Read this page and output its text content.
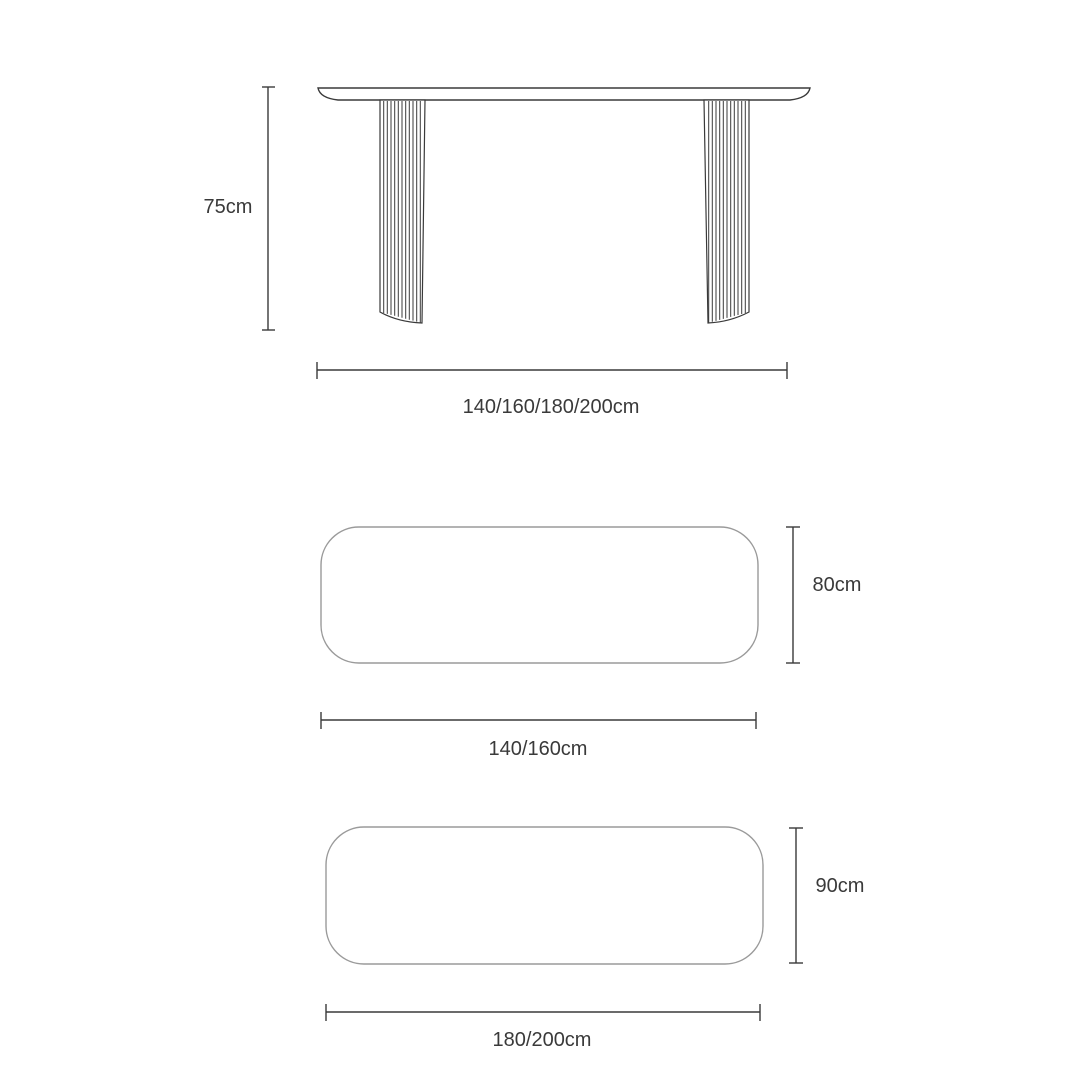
75cm
140/160/180/200cm
80cm
140/160cm
90cm
180/200cm
